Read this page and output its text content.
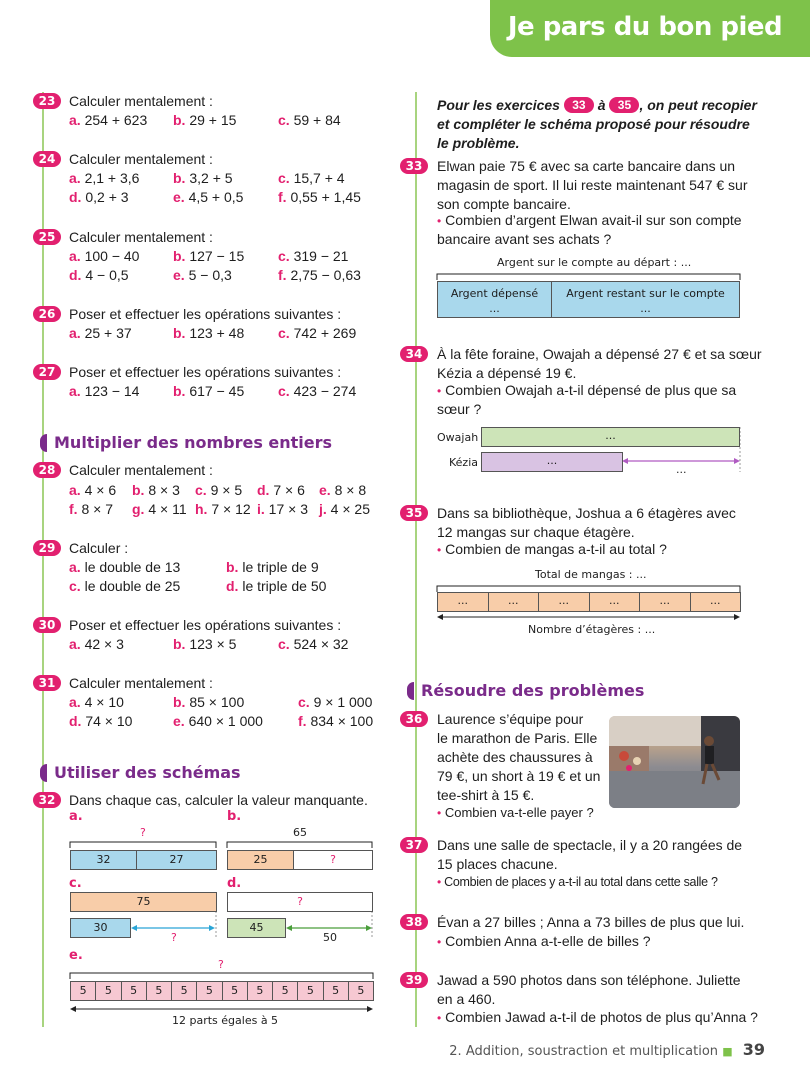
Je pars du bon pied
23 Calculer mentalement :
a. 254 + 623 b. 29 + 15	c. 59 + 84
24 Calculer mentalement :
a. 2,1 + 3,6 b. 3,2 + 5	c. 15,7 + 4
d. 0,2 + 3	e. 4,5 + 0,5 f. 0,55 + 1,45
25 Calculer mentalement :
a. 100 − 40 b. 127 − 15 c. 319 − 21
d. 4 − 0,5	e. 5 − 0,3	f. 2,75 − 0,63
26 Poser et effectuer les opérations suivantes :
a. 25 + 37	b. 123 + 48 c. 742 + 269
27 Poser et effectuer les opérations suivantes :
a. 123 − 14 b. 617 − 45 c. 423 − 274
Multiplier des nombres entiers
28 Calculer mentalement :
a. 4 × 6 b. 8 × 3 c. 9 × 5 d. 7 × 6 e. 8 × 8
f. 8 × 7 g. 4 × 11 h. 7 × 12 i. 17 × 3 j. 4 × 25
29 Calculer :
a. le double de 13	b. le triple de 9
c. le double de 25	d. le triple de 50
30 Poser et effectuer les opérations suivantes :
a. 42 × 3	b. 123 × 5	c. 524 × 32
31 Calculer mentalement :
a. 4 × 10	b. 85 × 100	c. 9 × 1 000
d. 74 × 10	e. 640 × 1 000	f. 834 × 100
Utiliser des schémas
32 Dans chaque cas, calculer la valeur manquante.
a.
?
32	27
b.
65
25	?
c.
75
30
?
d.
?
45
50
e.
?
5	5	5	5	5	5	5	5	5	5	5	5
12 parts égales à 5
Pour les exercices 33 à 35 , on peut recopier
et compléter le schéma proposé pour résoudre
le problème.
33	Elwan paie 75 € avec sa carte bancaire dans un
magasin de sport. Il lui reste maintenant 547 € sur
son compte bancaire.
• Combien d’argent Elwan avait-il sur son compte
bancaire avant ses achats ?
Argent sur le compte au départ : ...
Argent dépensé
...
Argent restant sur le compte
...
34	À la fête foraine, Owajah a dépensé 27 € et sa sœur
Kézia a dépensé 19 €.
• Combien Owajah a-t-il dépensé de plus que sa
sœur ?
Owajah	...
Kézia	...
...
35	Dans sa bibliothèque, Joshua a 6 étagères avec
12 mangas sur chaque étagère.
• Combien de mangas a-t-il au total ?
Total de mangas : ...
...	...	...	...	...	...
Nombre d’étagères : ...
Résoudre des problèmes
36	Laurence s’équipe pour
le marathon de Paris. Elle
achète des chaussures à
79 €, un short à 19 € et un
tee-shirt à 15 €.
• Combien va-t-elle payer ?
37	Dans une salle de spectacle, il y a 20 rangées de
15 places chacune.
• Combien de places y a-t-il au total dans cette salle ?
38	Évan a 27 billes ; Anna a 73 billes de plus que lui.
• Combien Anna a-t-elle de billes ?
39	Jawad a 590 photos dans son téléphone. Juliette
en a 460.
• Combien Jawad a-t-il de photos de plus qu’Anna ?
2. Addition, soustraction et multiplication ■ 39
